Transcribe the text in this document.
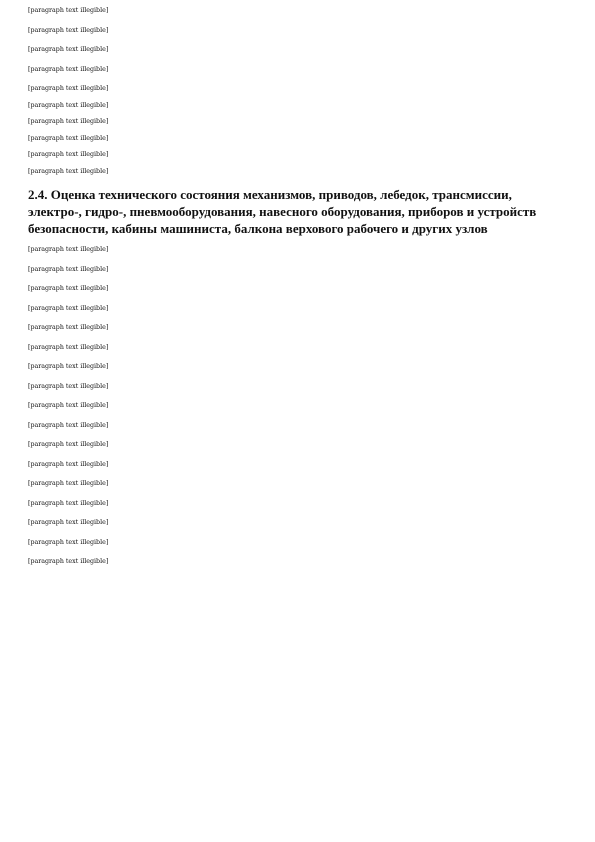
[paragraph text illegible]

[paragraph text illegible]

[paragraph text illegible]

[paragraph text illegible]

[paragraph text illegible]

[paragraph text illegible]

[paragraph text illegible]

[paragraph text illegible]

[paragraph text illegible]

[paragraph text illegible]

2.4. Оценка технического состояния механизмов, приводов, лебедок, трансмиссии, электро-, гидро-, пневмооборудования, навесного оборудования, приборов и устройств безопасности, кабины машиниста, балкона верхового рабочего и других узлов

[paragraph text illegible]

[paragraph text illegible]

[paragraph text illegible]

[paragraph text illegible]

[paragraph text illegible]

[paragraph text illegible]

[paragraph text illegible]

[paragraph text illegible]

[paragraph text illegible]

[paragraph text illegible]

[paragraph text illegible]

[paragraph text illegible]

[paragraph text illegible]

[paragraph text illegible]

[paragraph text illegible]

[paragraph text illegible]

[paragraph text illegible]
